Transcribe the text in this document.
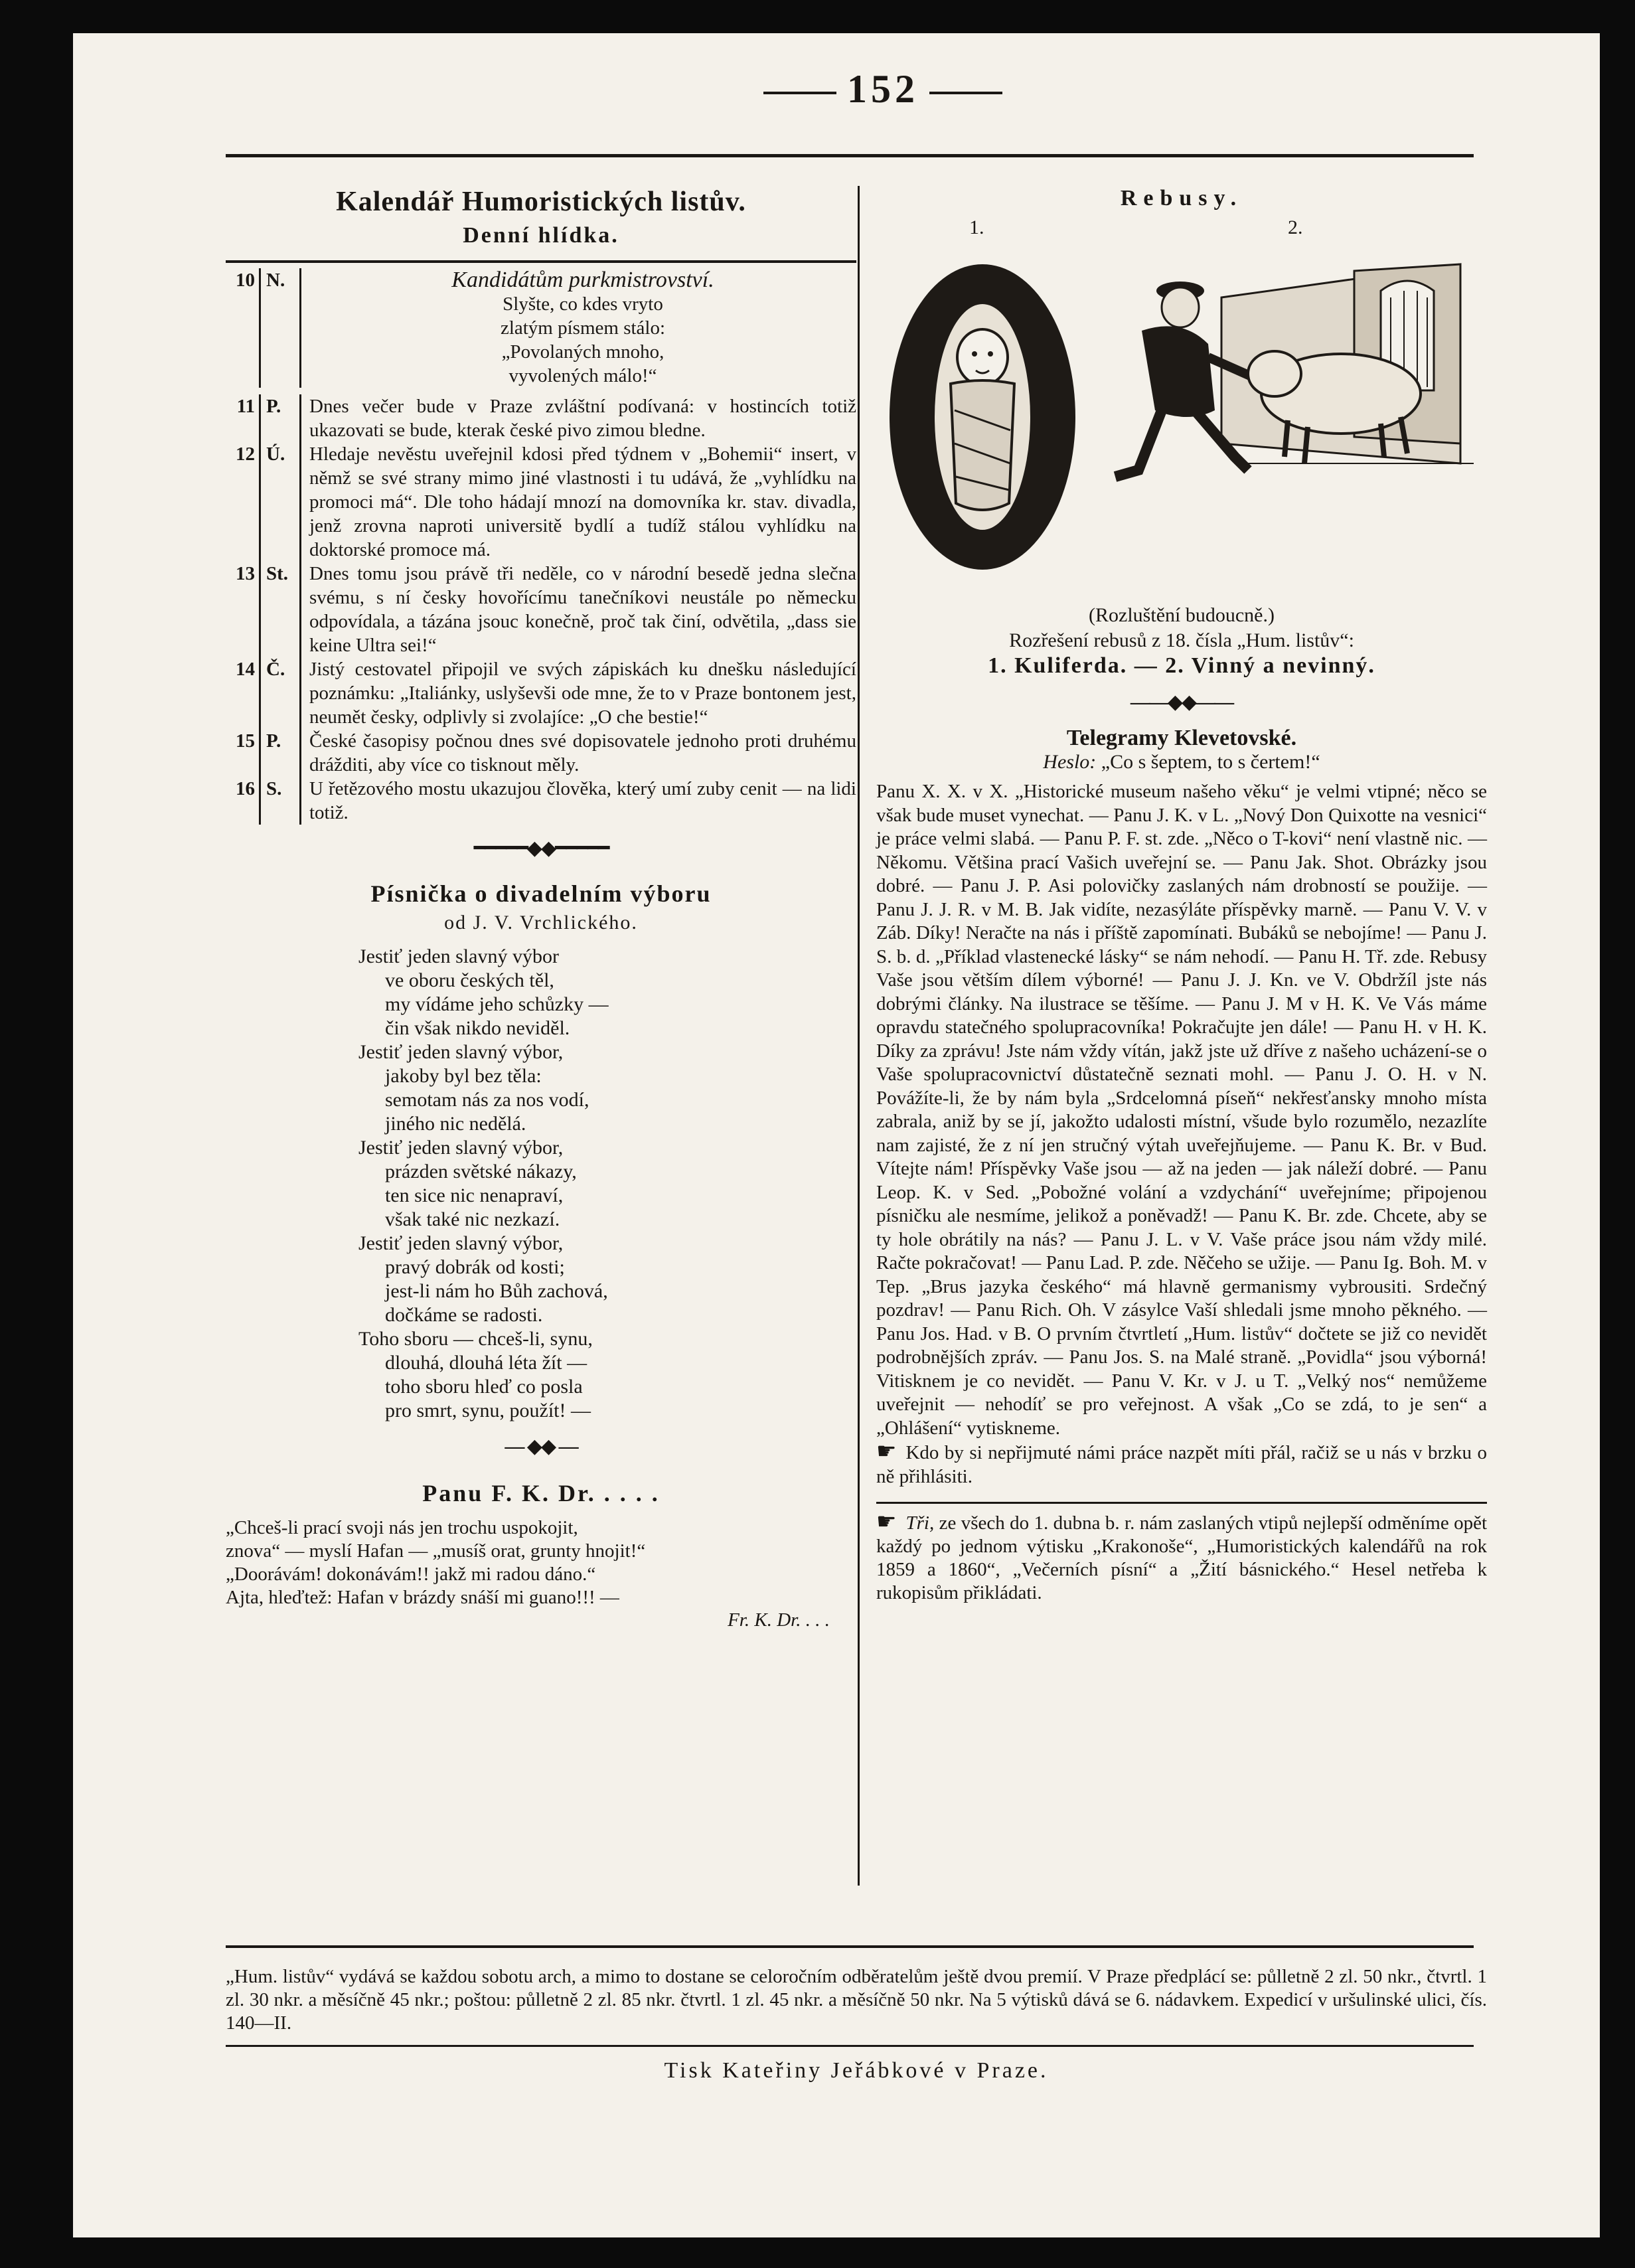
152
Kalendář Humoristických listův.
Denní hlídka.
10 N.	Kandidátům purkmistrovství.
Slyšte, co kdes vryto
zlatým písmem stálo:
„Povolaných mnoho,
vyvolených málo!“
11 P.	Dnes večer bude v Praze zvláštní podívaná: v hostincích totiž ukazovati se bude, kterak české pivo zimou bledne.
12 Ú.	Hledaje nevěstu uveřejnil kdosi před týdnem v „Bohemii“ insert, v němž se své strany mimo jiné vlastnosti i tu udává, že „vyhlídku na promoci má“. Dle toho hádají mnozí na domovníka kr. stav. divadla, jenž zrovna naproti universitě bydlí a tudíž stálou vyhlídku na doktorské promoce má.
13 St.	Dnes tomu jsou právě tři neděle, co v národní besedě jedna slečna svému, s ní česky hovořícímu tanečníkovi neustále po německu odpovídala, a tázána jsouc konečně, proč tak činí, odvětila, „dass sie keine Ultra sei!“
14 Č.	Jistý cestovatel připojil ve svých zápiskách ku dnešku následující poznámku: „Italiánky, uslyševši ode mne, že to v Praze bontonem jest, neumět česky, odplivly si zvolajíce: „O che bestie!“
15 P.	České časopisy počnou dnes své dopisovatele jednoho proti druhému drážditi, aby více co tisknout měly.
16 S.	U řetězového mostu ukazujou člověka, který umí zuby cenit — na lidi totiž.
━━━━━◆◆━━━━━
Písnička o divadelním výboru
od J. V. Vrchlického.
Jestiť jeden slavný výbor
ve oboru českých těl,
my vídáme jeho schůzky —
čin však nikdo neviděl.
Jestiť jeden slavný výbor,
jakoby byl bez těla:
semotam nás za nos vodí,
jiného nic nedělá.
Jestiť jeden slavný výbor,
prázden světské nákazy,
ten sice nic nenapraví,
však také nic nezkazí.
Jestiť jeden slavný výbor,
pravý dobrák od kosti;
jest-li nám ho Bůh zachová,
dočkáme se radosti.
Toho sboru — chceš-li, synu,
dlouhá, dlouhá léta žít —
toho sboru hleď co posla
pro smrt, synu, použít! —
— ◆◆ —
Panu F. K. Dr. . . . .
„Chceš-li prací svoji nás jen trochu uspokojit,
znova“ — myslí Hafan — „musíš orat, grunty hnojit!“
„Doorávám! dokonávám!! jakž mi radou dáno.“
Ajta, hleďtež: Hafan v brázdy snáší mi guano!!! —
Fr. K. Dr. . . .
Rebusy.
1.	2.
(Rozluštění budoucně.)
Rozřešení rebusů z 18. čísla „Hum. listův“:
1. Kuliferda. — 2. Vinný a nevinný.
——◆◆——
Telegramy Klevetovské.
Heslo: „Co s šeptem, to s čertem!“
Panu X. X. v X. „Historické museum našeho věku“ je velmi vtipné; něco se však bude muset vynechat. — Panu J. K. v L. „Nový Don Quixotte na vesnici“ je práce velmi slabá. — Panu P. F. st. zde. „Něco o T-kovi“ není vlastně nic. — Někomu. Většina prací Vašich uveřejní se. — Panu Jak. Shot. Obrázky jsou dobré. — Panu J. P. Asi polovičky zaslaných nám drobností se použije. — Panu J. J. R. v M. B. Jak vidíte, nezasýláte příspěvky marně. — Panu V. V. v Záb. Díky! Neračte na nás i příště zapomínati. Bubáků se nebojíme! — Panu J. S. b. d. „Příklad vlastenecké lásky“ se nám nehodí. — Panu H. Tř. zde. Rebusy Vaše jsou větším dílem výborné! — Panu J. J. Kn. ve V. Obdržíl jste nás dobrými články. Na ilustrace se těšíme. — Panu J. M v H. K. Ve Vás máme opravdu statečného spolupracovníka! Pokračujte jen dále! — Panu H. v H. K. Díky za zprávu! Jste nám vždy vítán, jakž jste už dříve z našeho ucházení-se o Vaše spolupracovnictví důstatečně seznati mohl. — Panu J. O. H. v N. Povážíte-li, že by nám byla „Srdcelomná píseň“ nekřesťansky mnoho místa zabrala, aniž by se jí, jakožto udalosti místní, všude bylo rozumělo, nezazlíte nam zajisté, že z ní jen stručný výtah uveřejňujeme. — Panu K. Br. v Bud. Vítejte nám! Příspěvky Vaše jsou — až na jeden — jak náleží dobré. — Panu Leop. K. v Sed. „Pobožné volání a vzdychání“ uveřejníme; připojenou písničku ale nesmíme, jelikož a poněvadž! — Panu K. Br. zde. Chcete, aby se ty hole obrátily na nás? — Panu J. L. v V. Vaše práce jsou nám vždy milé. Račte pokračovat! — Panu Lad. P. zde. Něčeho se užije. — Panu Ig. Boh. M. v Tep. „Brus jazyka českého“ má hlavně germanismy vybrousiti. Srdečný pozdrav! — Panu Rich. Oh. V zásylce Vaší shledali jsme mnoho pěkného. — Panu Jos. Had. v B. O prvním čtvrtletí „Hum. listův“ dočtete se již co nevidět podrobnějších zpráv. — Panu Jos. S. na Malé straně. „Povidla“ jsou výborná! Vitisknem je co nevidět. — Panu V. Kr. v J. u T. „Velký nos“ nemůžeme uveřejnit — nehodíť se pro veřejnost. A však „Co se zdá, to je sen“ a „Ohlášení“ vytiskneme.
☛ Kdo by si nepřijmuté námi práce nazpět míti přál, račiž se u nás v brzku o ně přihlásiti.
☛ Tři, ze všech do 1. dubna b. r. nám zaslaných vtipů nejlepší odměníme opět každý po jednom výtisku „Krakonoše“, „Humoristických kalendářů na rok 1859 a 1860“, „Večerních písní“ a „Žití básnického.“ Hesel netřeba k rukopisům přikládati.
„Hum. listův“ vydává se každou sobotu arch, a mimo to dostane se celoročním odběratelům ještě dvou premií. V Praze předplácí se: půlletně 2 zl. 50 nkr., čtvrtl. 1 zl. 30 nkr. a měsíčně 45 nkr.; poštou: půlletně 2 zl. 85 nkr. čtvrtl. 1 zl. 45 nkr. a měsíčně 50 nkr. Na 5 výtisků dává se 6. nádavkem. Expedicí v uršulinské ulici, čís. 140—II.
Tisk Kateřiny Jeřábkové v Praze.
